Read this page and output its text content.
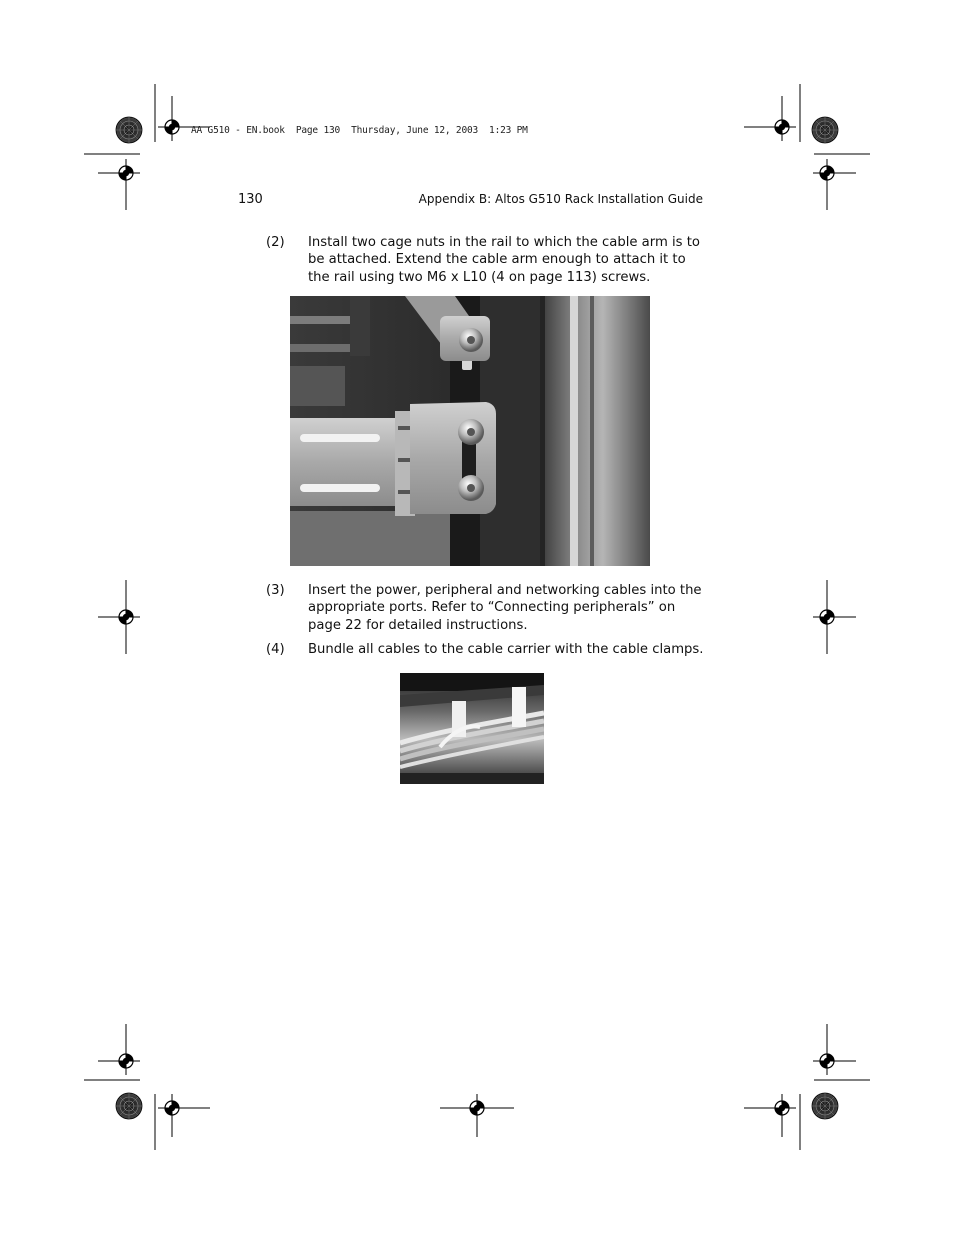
AA G510 - EN.book  Page 130  Thursday, June 12, 2003  1:23 PM
130	Appendix B: Altos G510 Rack Installation Guide
(2)	Install two cage nuts in the rail to which the cable arm is to be attached. Extend the cable arm enough to attach it to the rail using two M6 x L10 (4 on page 113) screws.
(3)	Insert the power, peripheral and networking cables into the appropriate ports. Refer to “Connecting peripherals” on page 22 for detailed instructions.
(4)	Bundle all cables to the cable carrier with the cable clamps.
